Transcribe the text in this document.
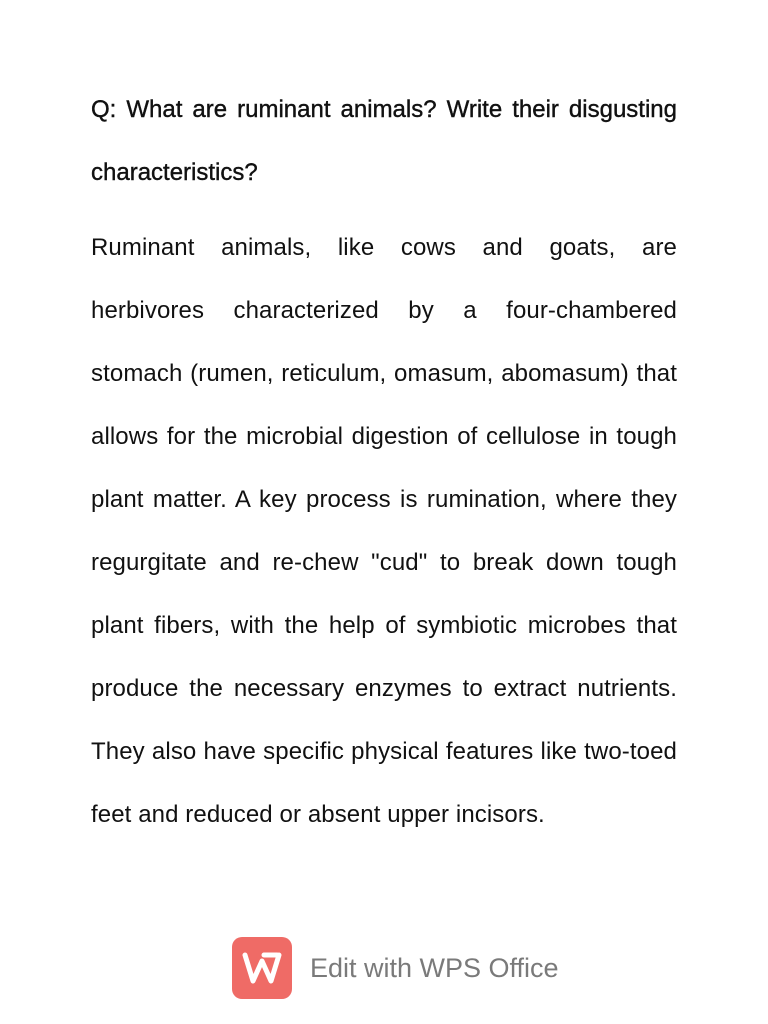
Q: What are ruminant animals? Write their disgusting characteristics?

Ruminant animals, like cows and goats, are herbivores characterized by a four-chambered stomach (rumen, reticulum, omasum, abomasum) that allows for the microbial digestion of cellulose in tough plant matter. A key process is rumination, where they regurgitate and re-chew "cud" to break down tough plant fibers, with the help of symbiotic microbes that produce the necessary enzymes to extract nutrients. They also have specific physical features like two-toed feet and reduced or absent upper incisors.

Edit with WPS Office
